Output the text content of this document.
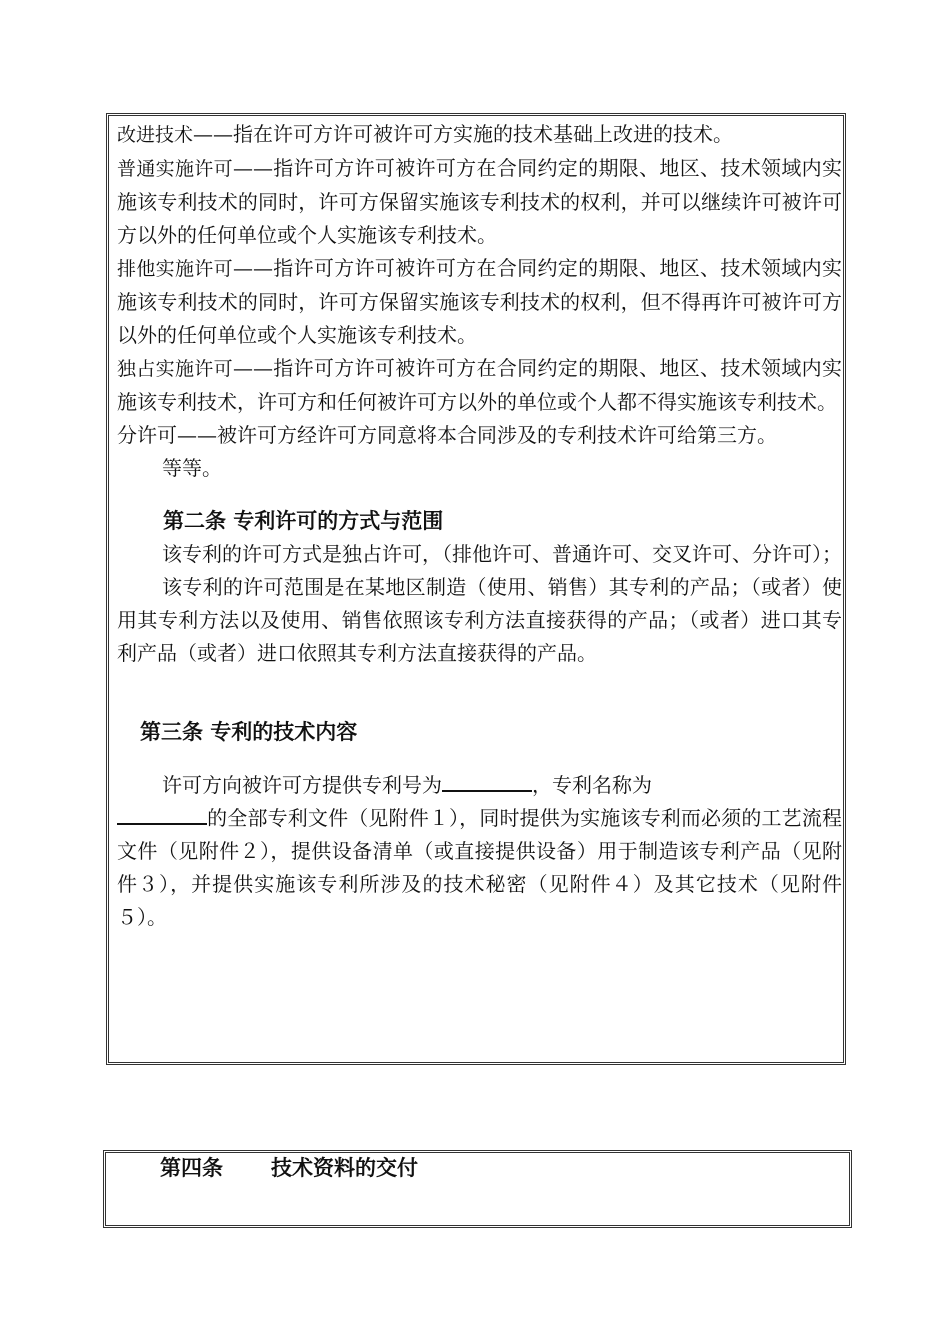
改进技术——指在许可方许可被许可方实施的技术基础上改进的技术。

普通实施许可——指许可方许可被许可方在合同约定的期限、地区、技术领域内实施该专利技术的同时，许可方保留实施该专利技术的权利，并可以继续许可被许可方以外的任何单位或个人实施该专利技术。

排他实施许可——指许可方许可被许可方在合同约定的期限、地区、技术领域内实施该专利技术的同时，许可方保留实施该专利技术的权利，但不得再许可被许可方以外的任何单位或个人实施该专利技术。

独占实施许可——指许可方许可被许可方在合同约定的期限、地区、技术领域内实施该专利技术，许可方和任何被许可方以外的单位或个人都不得实施该专利技术。

分许可——被许可方经许可方同意将本合同涉及的专利技术许可给第三方。

等等。

第二条 专利许可的方式与范围

该专利的许可方式是独占许可，（排他许可、普通许可、交叉许可、分许可）；

该专利的许可范围是在某地区制造（使用、销售）其专利的产品；（或者）使用其专利方法以及使用、销售依照该专利方法直接获得的产品；（或者）进口其专利产品（或者）进口依照其专利方法直接获得的产品。

第三条 专利的技术内容

许可方向被许可方提供专利号为	，专利名称为
的全部专利文件（见附件１），同时提供为实施该专利而必须的工艺流程文件（见附件２），提供设备清单（或直接提供设备）用于制造该专利产品（见附件３），并提供实施该专利所涉及的技术秘密（见附件４）及其它技术（见附件５）。

第四条 技术资料的交付
